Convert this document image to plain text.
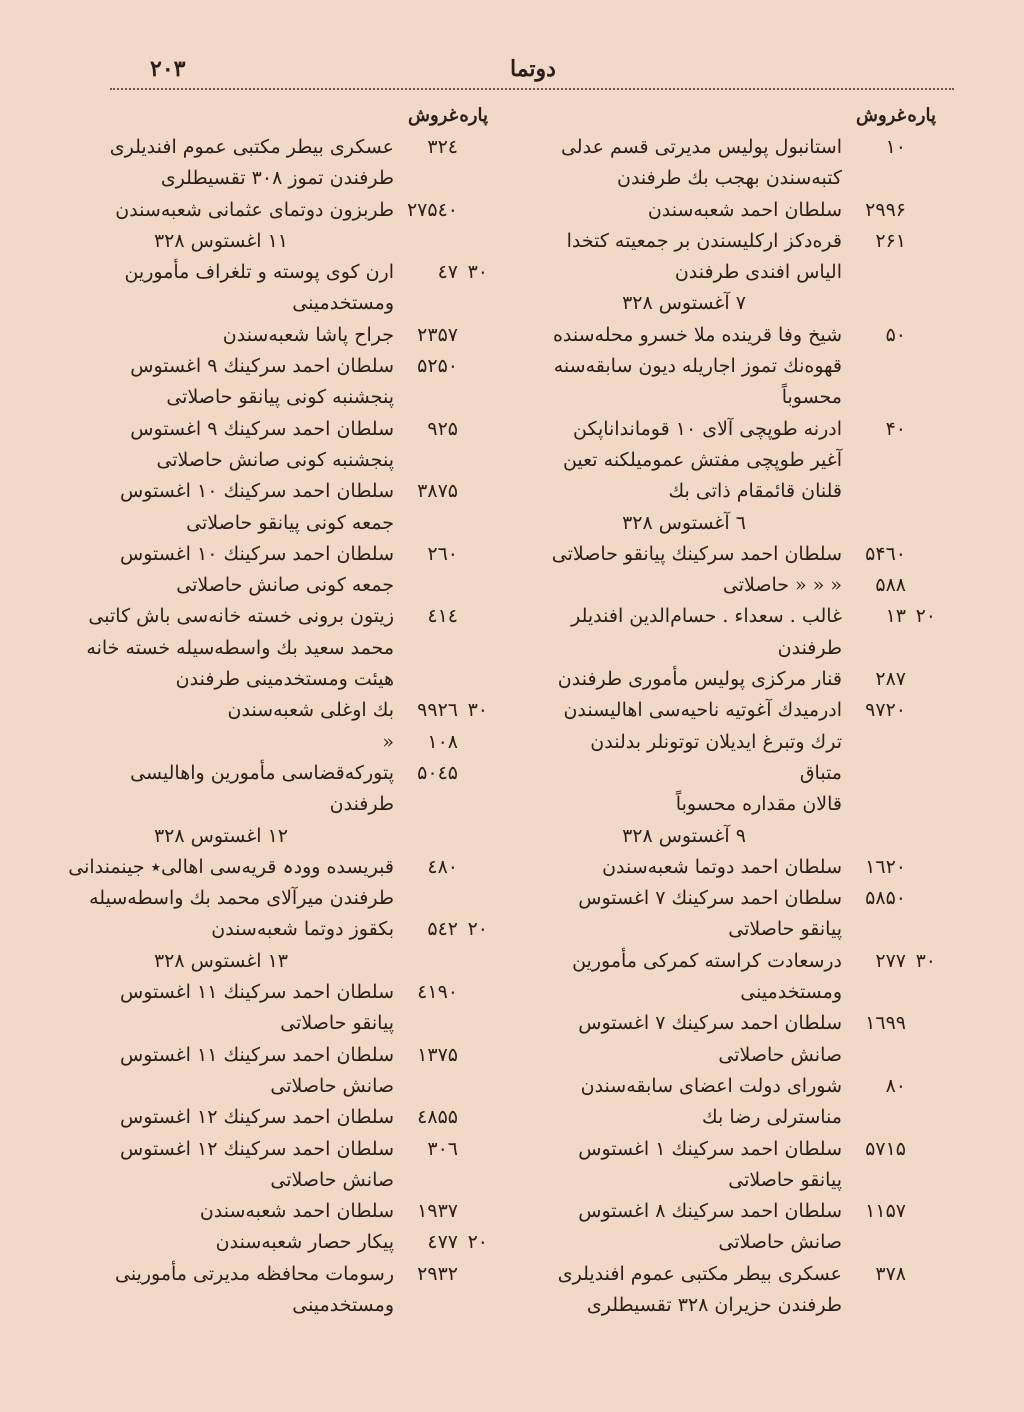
۲۰۳	دوتما
پاره
غروش
۱۰
استانبول پولیس مدیرتی قسم عدلی
کتبه‌سندن بهجب بك طرفندن
۲۹۹۶
سلطان احمد شعبه‌سندن
۲۶۱
قره‌دکز ارکلیسندن بر جمعیته کتخدا
الیاس افندی طرفندن
۷ آغستوس ۳۲۸
۵۰
شیخ وفا قرینده ملا خسرو محله‌سنده
قهوه‌نك تموز اجاریله دیون سابقه‌سنه
محسوباً
۴۰
ادرنه طوپچی آلای ۱۰ قومانداناپکن
آغیر طوپچی مفتش عمومیلکنه تعین
قلنان قائمقام ذاتی بك
٦ آغستوس ۳۲۸
۵۴٦۰
سلطان احمد سرکینك پیانقو حاصلاتی
۵۸۸
« « « حاصلاتی
۲۰
۱۳
غالب . سعداء . حسام‌الدین افندیلر
طرفندن
۲۸۷
قنار مرکزی پولیس مأموری طرفندن
۹۷۲۰
ادرمیدك آغوتیه ناحیه‌سی اهالیسندن
ترك وتبرغ ایدیلان توتونلر بدلندن متباق
قالان مقداره محسوباً
۹ آغستوس ۳۲۸
۱٦۲۰
سلطان احمد دوتما شعبه‌سندن
۵۸۵۰
سلطان احمد سرکینك ۷ اغستوس
پیانقو حاصلاتی
۳۰
۲۷۷
درسعادت کراسته کمرکی مأمورین
ومستخدمینی
۱٦۹۹
سلطان احمد سرکینك ۷ اغستوس
صانش حاصلاتی
۸۰
شورای دولت اعضای سابقه‌سندن
مناسترلی رضا بك
۵۷۱۵
سلطان احمد سرکینك ۱ اغستوس
پیانقو حاصلاتی
۱۱۵۷
سلطان احمد سرکینك ۸ اغستوس
صانش حاصلاتی
۳۷۸
عسکری بیطر مکتبی عموم افندیلری
طرفندن حزیران ۳۲۸ تقسیطلری
پاره
غروش
۳۲٤
عسکری بیطر مکتبی عموم افندیلری
طرفندن تموز ۳۰۸ تقسیطلری
۲۷۵٤۰
طربزون دوتمای عثمانی شعبه‌سندن
۱۱ اغستوس ۳۲۸
۳۰
٤۷
ارن کوی پوسته و تلغراف مأمورین
ومستخدمینی
۲۳۵۷
جراح پاشا شعبه‌سندن
۵۲۵۰
سلطان احمد سرکینك ۹ اغستوس
پنجشنبه کونی پیانقو حاصلاتی
۹۲۵
سلطان احمد سرکینك ۹ اغستوس
پنجشنبه کونی صانش حاصلاتی
۳۸۷۵
سلطان احمد سرکینك ۱۰ اغستوس
جمعه کونی پیانقو حاصلاتی
۲٦۰
سلطان احمد سرکینك ۱۰ اغستوس
جمعه کونی صانش حاصلاتی
٤۱٤
زیتون برونی خسته خانه‌سی باش کاتبی
محمد سعید بك واسطه‌سیله خسته خانه
هیئت ومستخدمینی طرفندن
۳۰
۹۹۲٦
بك اوغلی شعبه‌سندن
۱۰۸
«
۵۰٤۵
پتورکه‌قضاسی مأمورین واهالیسی طرفندن
۱۲ اغستوس ۳۲۸
٤۸۰
قبریسده وودہ قریه‌سی اهالی٭ جینمندانی
طرفندن میرآلای محمد بك واسطه‌سیله
۲۰
۵٤۲
بکقوز دوتما شعبه‌سندن
۱۳ اغستوس ۳۲۸
٤۱۹۰
سلطان احمد سرکینك ۱۱ اغستوس
پیانقو حاصلاتی
۱۳۷۵
سلطان احمد سرکینك ۱۱ اغستوس
صانش حاصلاتی
٤۸۵۵
سلطان احمد سرکینك ۱۲ اغستوس
۳۰٦
سلطان احمد سرکینك ۱۲ اغستوس
صانش حاصلاتی
۱۹۳۷
سلطان احمد شعبه‌سندن
۲۰
٤۷۷
پیکار حصار شعبه‌سندن
۲۹۳۲
رسومات محافظه مدیرتی مأمورینی
ومستخدمینی
